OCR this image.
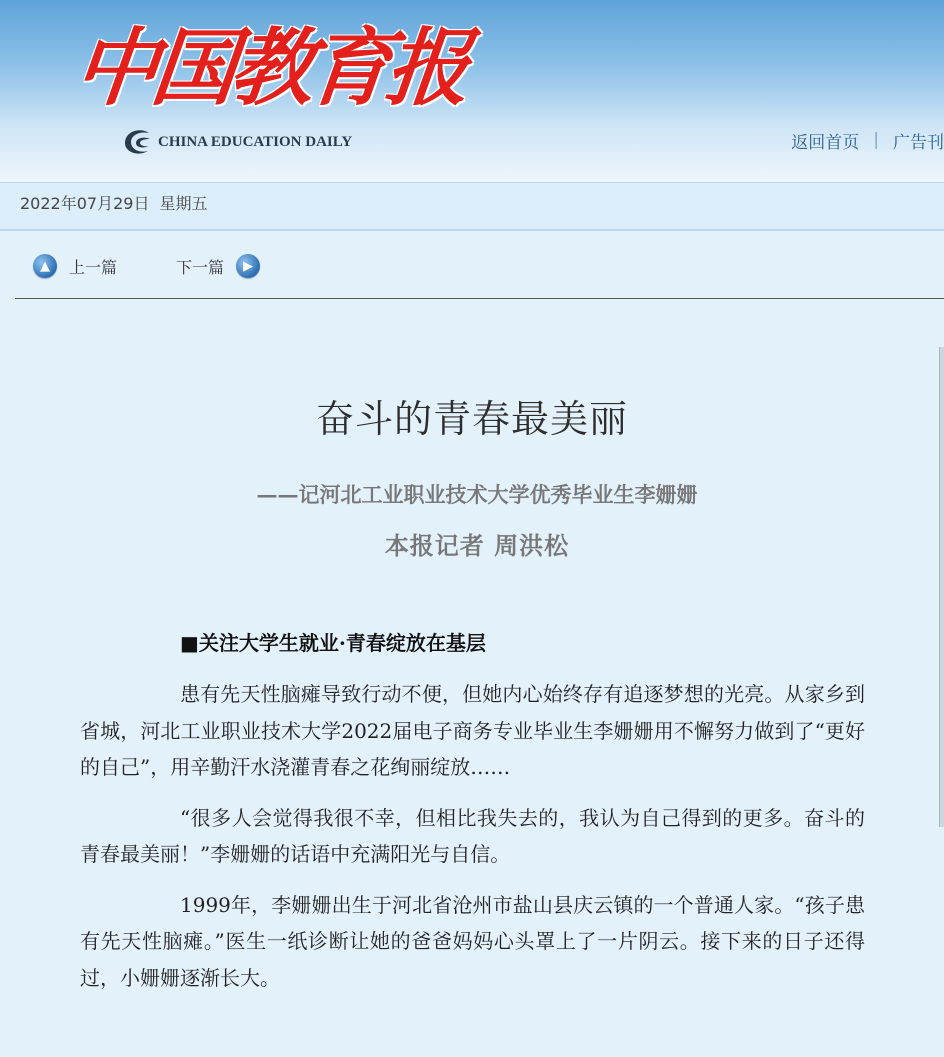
中国教育报
CHINA EDUCATION DAILY	返回首页 | 广告刊
2022年07月29日 星期五
▲	上一篇	下一篇	▶
奋斗的青春最美丽
——记河北工业职业技术大学优秀毕业生李姗姗
本报记者 周洪松
■关注大学生就业·青春绽放在基层

患有先天性脑瘫导致行动不便，但她内心始终存有追逐梦想的光亮。从家乡到省城，河北工业职业技术大学2022届电子商务专业毕业生李姗姗用不懈努力做到了“更好的自己”，用辛勤汗水浇灌青春之花绚丽绽放……

“很多人会觉得我很不幸，但相比我失去的，我认为自己得到的更多。奋斗的青春最美丽！”李姗姗的话语中充满阳光与自信。

1999年，李姗姗出生于河北省沧州市盐山县庆云镇的一个普通人家。“孩子患有先天性脑瘫。”医生一纸诊断让她的爸爸妈妈心头罩上了一片阴云。接下来的日子还得过，小姗姗逐渐长大。
